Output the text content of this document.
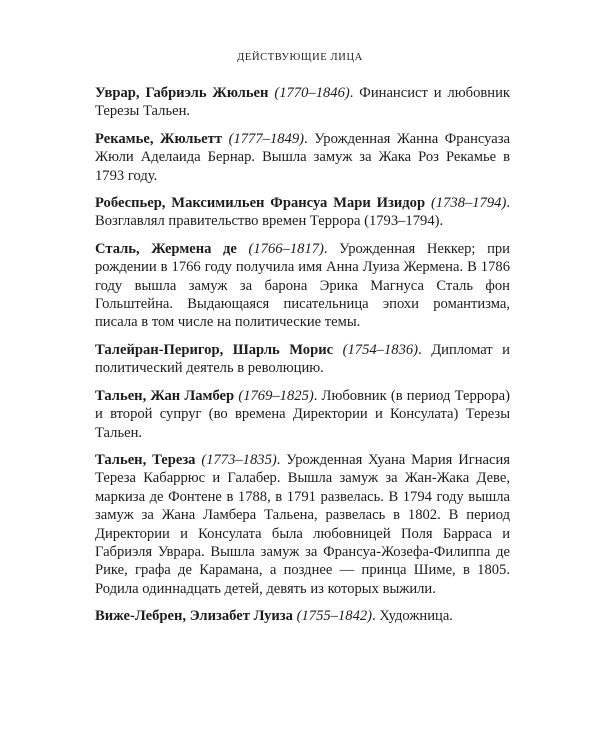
ДЕЙСТВУЮЩИЕ ЛИЦА

Уврар, Габриэль Жюльен (1770–1846). Финансист и любовник Терезы Тальен.

Рекамье, Жюльетт (1777–1849). Урожденная Жанна Франсуаза Жюли Аделаида Бернар. Вышла замуж за Жака Роз Рекамье в 1793 году.

Робеспьер, Максимильен Франсуа Мари Изидор (1738–1794). Возглавлял правительство времен Террора (1793–1794).

Сталь, Жермена де (1766–1817). Урожденная Неккер; при рождении в 1766 году получила имя Анна Луиза Жермена. В 1786 году вышла замуж за барона Эрика Магнуса Сталь фон Гольштейна. Выдающаяся писательница эпохи романтизма, писала в том числе на политические темы.

Талейран-Перигор, Шарль Морис (1754–1836). Дипломат и политический деятель в революцию.

Тальен, Жан Ламбер (1769–1825). Любовник (в период Террора) и второй супруг (во времена Директории и Консулата) Терезы Тальен.

Тальен, Тереза (1773–1835). Урожденная Хуана Мария Игнасия Тереза Кабаррюс и Галабер. Вышла замуж за Жан-Жака Деве, маркиза де Фонтене в 1788, в 1791 развелась. В 1794 году вышла замуж за Жана Ламбера Тальена, развелась в 1802. В период Директории и Консулата была любовницей Поля Барраса и Габриэля Уврара. Вышла замуж за Франсуа-Жозефа-Филиппа де Рике, графа де Карамана, а позднее — принца Шиме, в 1805. Родила одиннадцать детей, девять из которых выжили.

Виже-Лебрен, Элизабет Луиза (1755–1842). Художница.
